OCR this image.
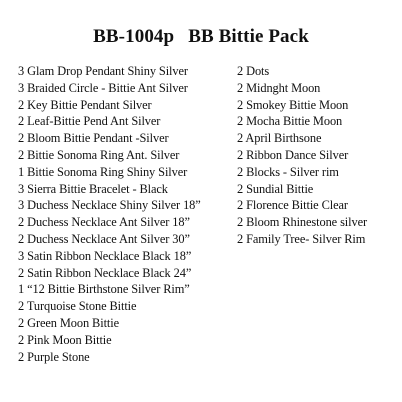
BB-1004p BB Bittie Pack
3 Glam Drop Pendant Shiny Silver
3 Braided Circle - Bittie Ant Silver
2 Key Bittie Pendant Silver
2 Leaf-Bittie Pend Ant Silver
2 Bloom Bittie Pendant -Silver
2 Bittie Sonoma Ring Ant. Silver
1 Bittie Sonoma Ring Shiny Silver
3 Sierra Bittie Bracelet - Black
3 Duchess Necklace Shiny Silver 18”
2 Duchess Necklace Ant Silver 18”
2 Duchess Necklace Ant Silver 30”
3 Satin Ribbon Necklace Black 18”
2 Satin Ribbon Necklace Black 24”
1 “12 Bittie Birthstone Silver Rim”
2 Turquoise Stone Bittie
2 Green Moon Bittie
2 Pink Moon Bittie
2 Purple Stone
2 Dots
2 Midnght Moon
2 Smokey Bittie Moon
2 Mocha Bittie Moon
2 April Birthsone
2 Ribbon Dance Silver
2 Blocks - Silver rim
2 Sundial Bittie
2 Florence Bittie Clear
2 Bloom Rhinestone silver
2 Family Tree- Silver Rim
